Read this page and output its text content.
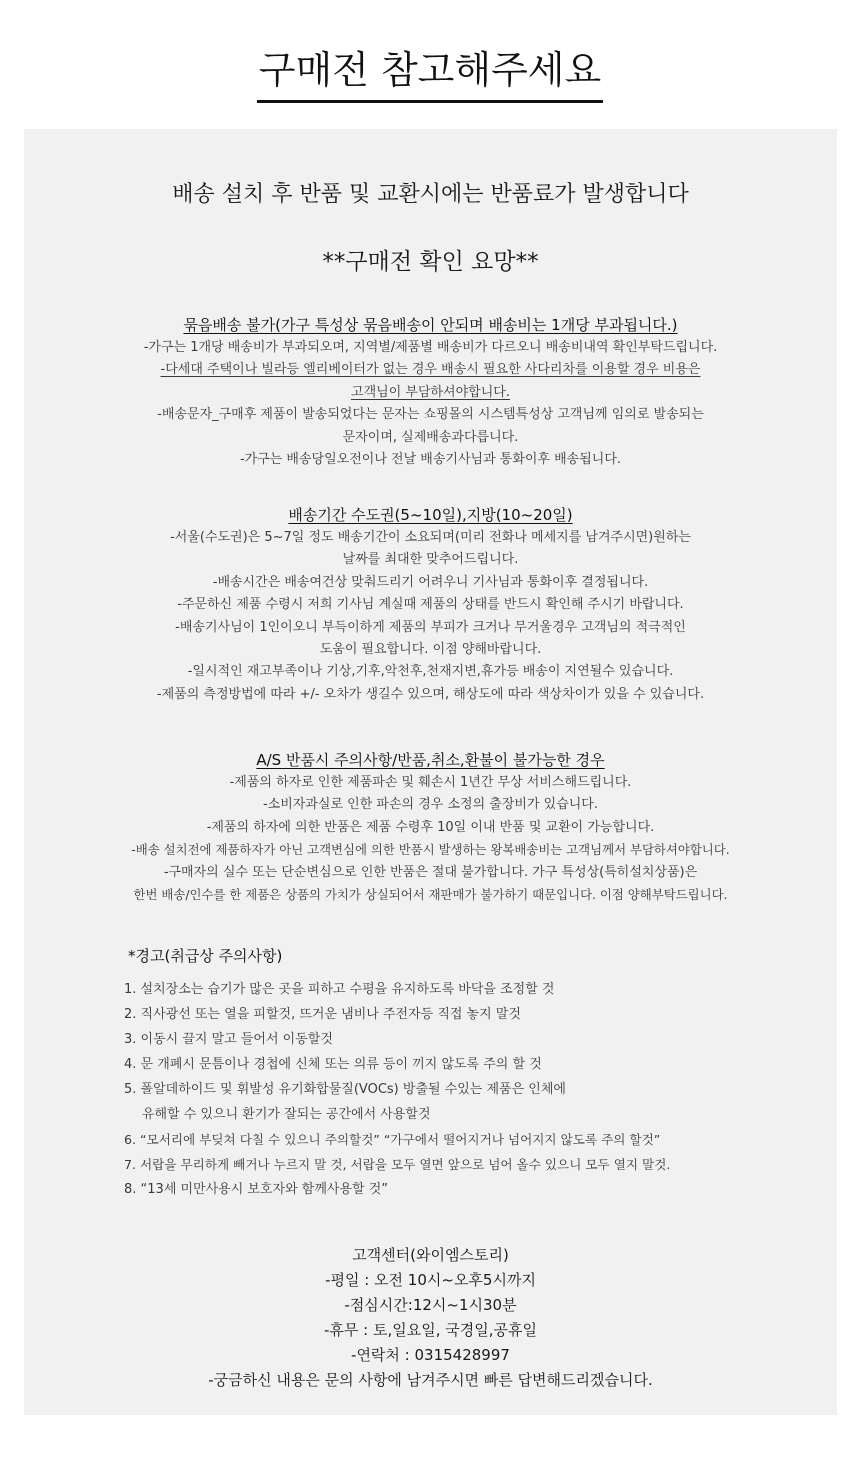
구매전 참고해주세요
배송 설치 후 반품 및 교환시에는 반품료가 발생합니다
**구매전 확인 요망**
묶음배송 불가(가구 특성상 묶음배송이 안되며 배송비는 1개당 부과됩니다.)
-가구는 1개당 배송비가 부과되오며, 지역별/제품별 배송비가 다르오니 배송비내역 확인부탁드립니다.
-다세대 주택이나 빌라등 엘리베이터가 없는 경우 배송시 필요한 사다리차를 이용할 경우 비용은
고객님이 부담하셔야합니다.
-배송문자_구매후 제품이 발송되었다는 문자는 쇼핑몰의 시스템특성상 고객님께 임의로 발송되는
문자이며, 실제배송과다릅니다.
-가구는 배송당일오전이나 전날 배송기사님과 통화이후 배송됩니다.
배송기간 수도권(5~10일),지방(10~20일)
-서울(수도권)은 5~7일 정도 배송기간이 소요되며(미리 전화나 메세지를 남겨주시면)원하는
날짜를 최대한 맞추어드립니다.
-배송시간은 배송여건상 맞춰드리기 어려우니 기사님과 통화이후 결정됩니다.
-주문하신 제품 수령시 저희 기사님 계실때 제품의 상태를 반드시 확인해 주시기 바랍니다.
-배송기사님이 1인이오니 부득이하게 제품의 부피가 크거나 무거울경우 고객님의 적극적인
도움이 필요합니다. 이점 양해바랍니다.
-일시적인 재고부족이나 기상,기후,악천후,천재지변,휴가등 배송이 지연될수 있습니다.
-제품의 측정방법에 따라 +/- 오차가 생길수 있으며, 해상도에 따라 색상차이가 있을 수 있습니다.
A/S 반품시 주의사항/반품,취소,환불이 불가능한 경우
-제품의 하자로 인한 제품파손 및 훼손시 1년간 무상 서비스해드립니다.
-소비자과실로 인한 파손의 경우 소정의 출장비가 있습니다.
-제품의 하자에 의한 반품은 제품 수령후 10일 이내 반품 및 교환이 가능합니다.
-배송 설치전에 제품하자가 아닌 고객변심에 의한 반품시 발생하는 왕복배송비는 고객님께서 부담하셔야합니다.
-구매자의 실수 또는 단순변심으로 인한 반품은 절대 불가합니다. 가구 특성상(특히설치상품)은
한번 배송/인수를 한 제품은 상품의 가치가 상실되어서 재판매가 불가하기 때문입니다. 이점 양해부탁드립니다.
*경고(취급상 주의사항)
1. 설치장소는 습기가 많은 곳을 피하고 수평을 유지하도록 바닥을 조정할 것
2. 직사광선 또는 열을 피할것, 뜨거운 냄비나 주전자등 직접 놓지 말것
3. 이동시 끌지 말고 들어서 이동할것
4. 문 개폐시 문틈이나 경첩에 신체 또는 의류 등이 끼지 않도록 주의 할 것
5. 폴알데하이드 및 휘발성 유기화합물질(VOCs) 방출될 수있는 제품은 인체에
유해할 수 있으니 환기가 잘되는 공간에서 사용할것
6. “모서리에 부딪쳐 다칠 수 있으니 주의할것” “가구에서 떨어지거나 넘어지지 않도록 주의 할것”
7. 서랍을 무리하게 빼거나 누르지 말 것, 서랍을 모두 열면 앞으로 넘어 올수 있으니 모두 열지 말것.
8. “13세 미만사용시 보호자와 함께사용할 것”
고객센터(와이엠스토리)
-평일 : 오전 10시~오후5시까지
-점심시간:12시~1시30분
-휴무 : 토,일요일, 국경일,공휴일
-연락처 : 0315428997
-궁금하신 내용은 문의 사항에 남겨주시면 빠른 답변해드리겠습니다.
